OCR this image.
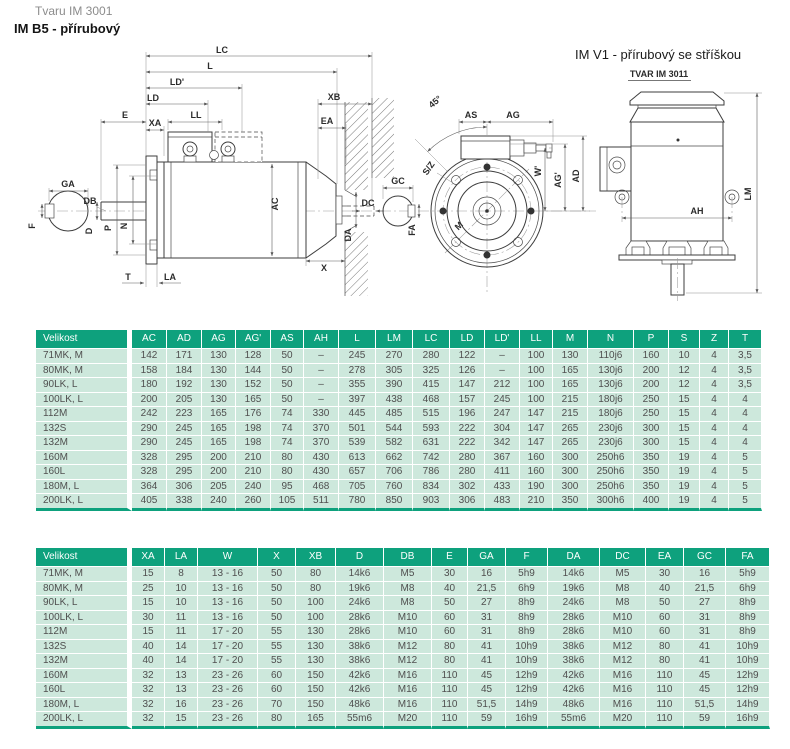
Tvaru IM 3001
IM B5 - přírubový
IM V1 - přírubový se stříškou
LC
L
LD'
LD
E
XA
LL
XB
EA
GA
DB
F
D P N
AC
T	LA
X
DC
DA
45°
AS	AG
S/Z
GC
FA	M
W'
AG' AD
TVAR IM 3011
AH
LM
Velikost	AC	AD	AG	AG'	AS	AH	L	LM	LC	LD	LD'	LL	M	N	P	S	Z	T
71MK, M	142	171	130	128	50	–	245	270	280	122	–	100	130	110j6	160	10	4	3,5
80MK, M	158	184	130	144	50	–	278	305	325	126	–	100	165	130j6	200	12	4	3,5
90LK, L	180	192	130	152	50	–	355	390	415	147	212	100	165	130j6	200	12	4	3,5
100LK, L	200	205	130	165	50	–	397	438	468	157	245	100	215	180j6	250	15	4	4
112M	242	223	165	176	74	330	445	485	515	196	247	147	215	180j6	250	15	4	4
132S	290	245	165	198	74	370	501	544	593	222	304	147	265	230j6	300	15	4	4
132M	290	245	165	198	74	370	539	582	631	222	342	147	265	230j6	300	15	4	4
160M	328	295	200	210	80	430	613	662	742	280	367	160	300	250h6	350	19	4	5
160L	328	295	200	210	80	430	657	706	786	280	411	160	300	250h6	350	19	4	5
180M, L	364	306	205	240	95	468	705	760	834	302	433	190	300	250h6	350	19	4	5
200LK, L	405	338	240	260	105	511	780	850	903	306	483	210	350	300h6	400	19	4	5
Velikost	XA	LA	W	X	XB	D	DB	E	GA	F	DA	DC	EA	GC	FA
71MK, M	15	8	13 - 16	50	80	14k6	M5	30	16	5h9	14k6	M5	30	16	5h9
80MK, M	25	10	13 - 16	50	80	19k6	M8	40	21,5	6h9	19k6	M8	40	21,5	6h9
90LK, L	15	10	13 - 16	50	100	24k6	M8	50	27	8h9	24k6	M8	50	27	8h9
100LK, L	30	11	13 - 16	50	100	28k6	M10	60	31	8h9	28k6	M10	60	31	8h9
112M	15	11	17 - 20	55	130	28k6	M10	60	31	8h9	28k6	M10	60	31	8h9
132S	40	14	17 - 20	55	130	38k6	M12	80	41	10h9	38k6	M12	80	41	10h9
132M	40	14	17 - 20	55	130	38k6	M12	80	41	10h9	38k6	M12	80	41	10h9
160M	32	13	23 - 26	60	150	42k6	M16	110	45	12h9	42k6	M16	110	45	12h9
160L	32	13	23 - 26	60	150	42k6	M16	110	45	12h9	42k6	M16	110	45	12h9
180M, L	32	16	23 - 26	70	150	48k6	M16	110	51,5	14h9	48k6	M16	110	51,5	14h9
200LK, L	32	15	23 - 26	80	165	55m6	M20	110	59	16h9	55m6	M20	110	59	16h9
